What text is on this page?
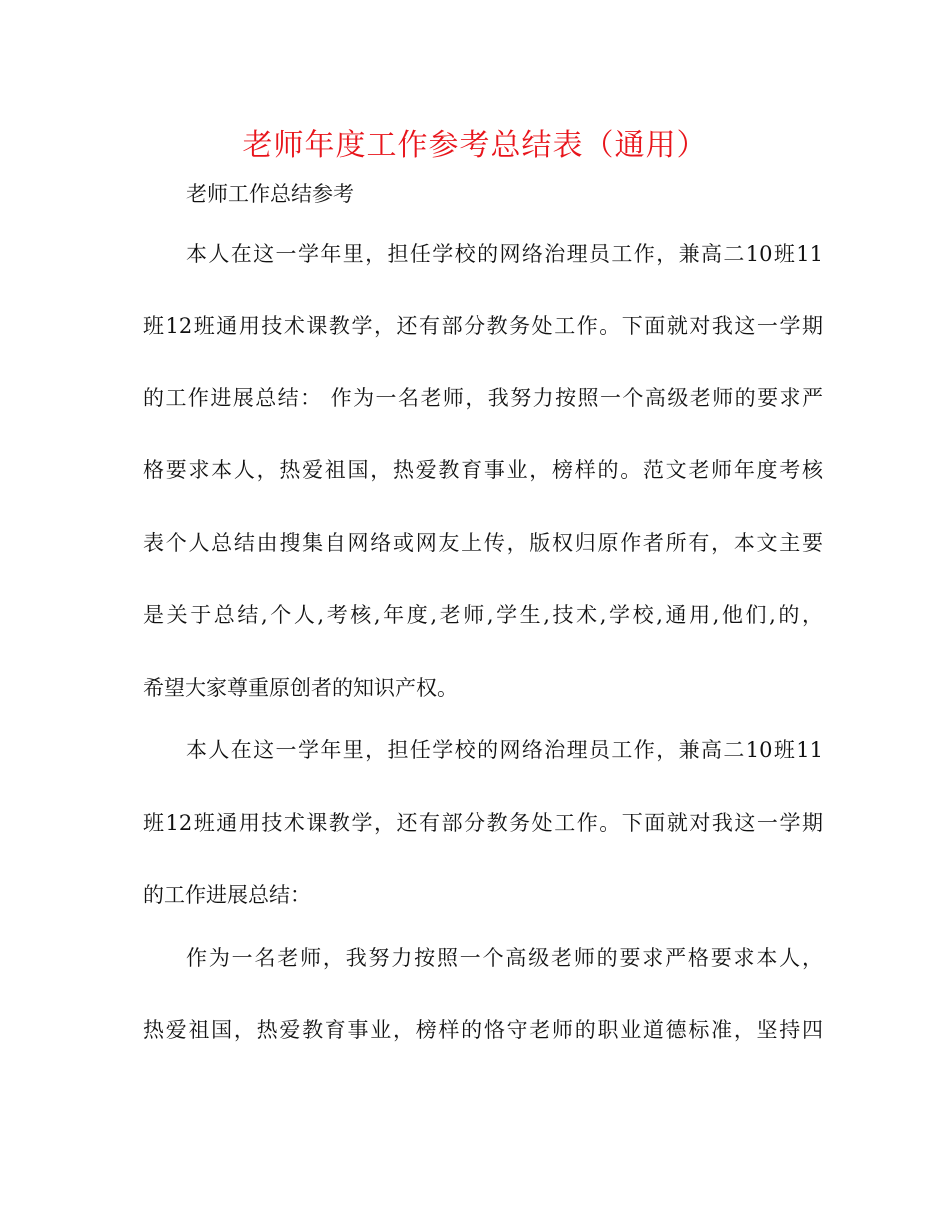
老师年度工作参考总结表（通用）
老师工作总结参考
本人在这一学年里，担任学校的网络治理员工作，兼高二10班11
班12班通用技术课教学，还有部分教务处工作。下面就对我这一学期
的工作进展总结： 作为一名老师，我努力按照一个高级老师的要求严
格要求本人，热爱祖国，热爱教育事业，榜样的。范文老师年度考核
表个人总结由搜集自网络或网友上传，版权归原作者所有，本文主要
是关于总结,个人,考核,年度,老师,学生,技术,学校,通用,他们,的，
希望大家尊重原创者的知识产权。
本人在这一学年里，担任学校的网络治理员工作，兼高二10班11
班12班通用技术课教学，还有部分教务处工作。下面就对我这一学期
的工作进展总结：
作为一名老师，我努力按照一个高级老师的要求严格要求本人，
热爱祖国，热爱教育事业，榜样的恪守老师的职业道德标准，坚持四
